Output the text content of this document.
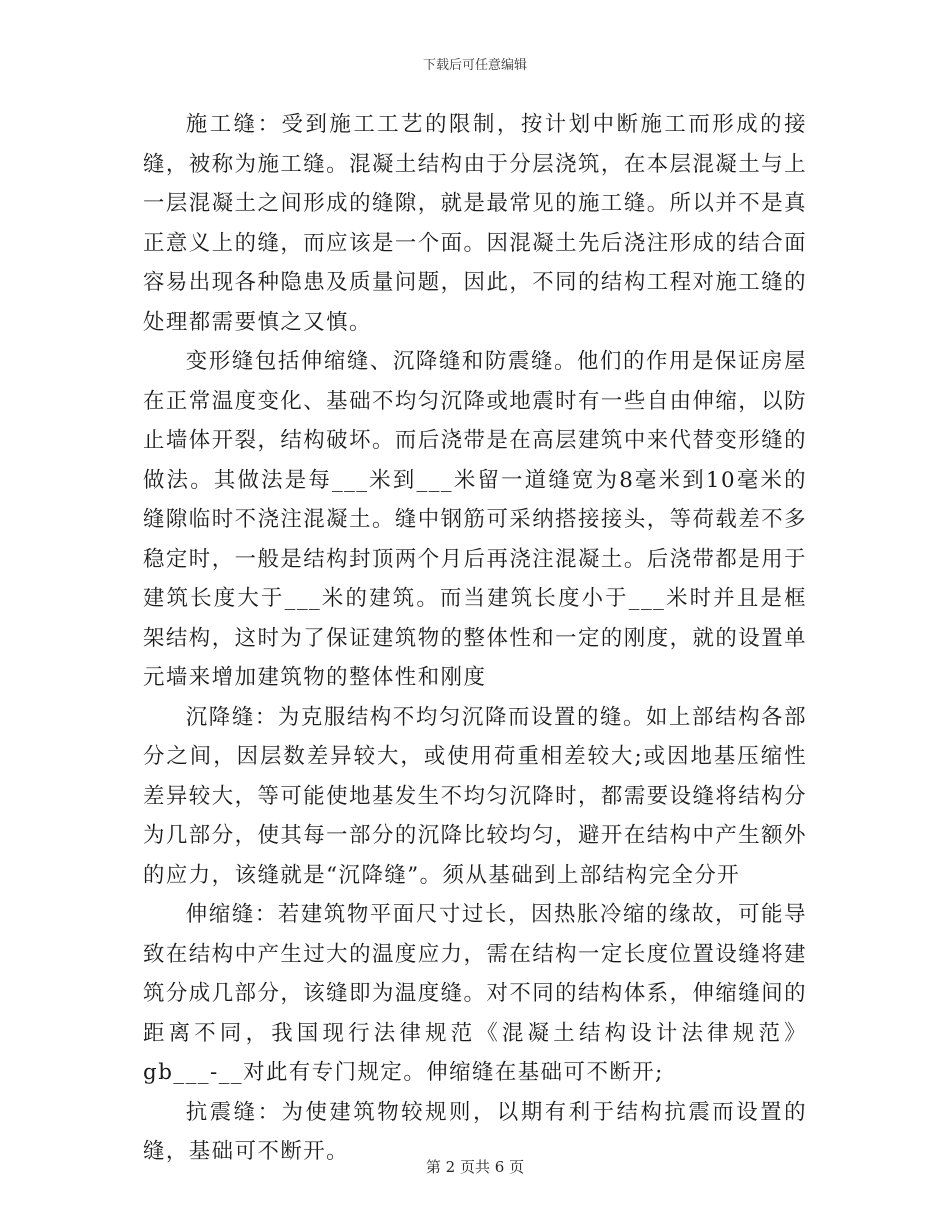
下载后可任意编辑

施工缝：受到施工工艺的限制，按计划中断施工而形成的接缝，被称为施工缝。混凝土结构由于分层浇筑，在本层混凝土与上一层混凝土之间形成的缝隙，就是最常见的施工缝。所以并不是真正意义上的缝，而应该是一个面。因混凝土先后浇注形成的结合面容易出现各种隐患及质量问题，因此，不同的结构工程对施工缝的处理都需要慎之又慎。

变形缝包括伸缩缝、沉降缝和防震缝。他们的作用是保证房屋在正常温度变化、基础不均匀沉降或地震时有一些自由伸缩，以防止墙体开裂，结构破坏。而后浇带是在高层建筑中来代替变形缝的做法。其做法是每___米到___米留一道缝宽为8毫米到10毫米的缝隙临时不浇注混凝土。缝中钢筋可采纳搭接接头，等荷载差不多稳定时，一般是结构封顶两个月后再浇注混凝土。后浇带都是用于建筑长度大于___米的建筑。而当建筑长度小于___米时并且是框架结构，这时为了保证建筑物的整体性和一定的刚度，就的设置单元墙来增加建筑物的整体性和刚度

沉降缝：为克服结构不均匀沉降而设置的缝。如上部结构各部分之间，因层数差异较大，或使用荷重相差较大;或因地基压缩性差异较大，等可能使地基发生不均匀沉降时，都需要设缝将结构分为几部分，使其每一部分的沉降比较均匀，避开在结构中产生额外的应力，该缝就是“沉降缝”。须从基础到上部结构完全分开

伸缩缝：若建筑物平面尺寸过长，因热胀冷缩的缘故，可能导致在结构中产生过大的温度应力，需在结构一定长度位置设缝将建筑分成几部分，该缝即为温度缝。对不同的结构体系，伸缩缝间的距离不同，我国现行法律规范《混凝土结构设计法律规范》gb___-__对此有专门规定。伸缩缝在基础可不断开;

抗震缝：为使建筑物较规则，以期有利于结构抗震而设置的缝，基础可不断开。

第 2 页共 6 页
